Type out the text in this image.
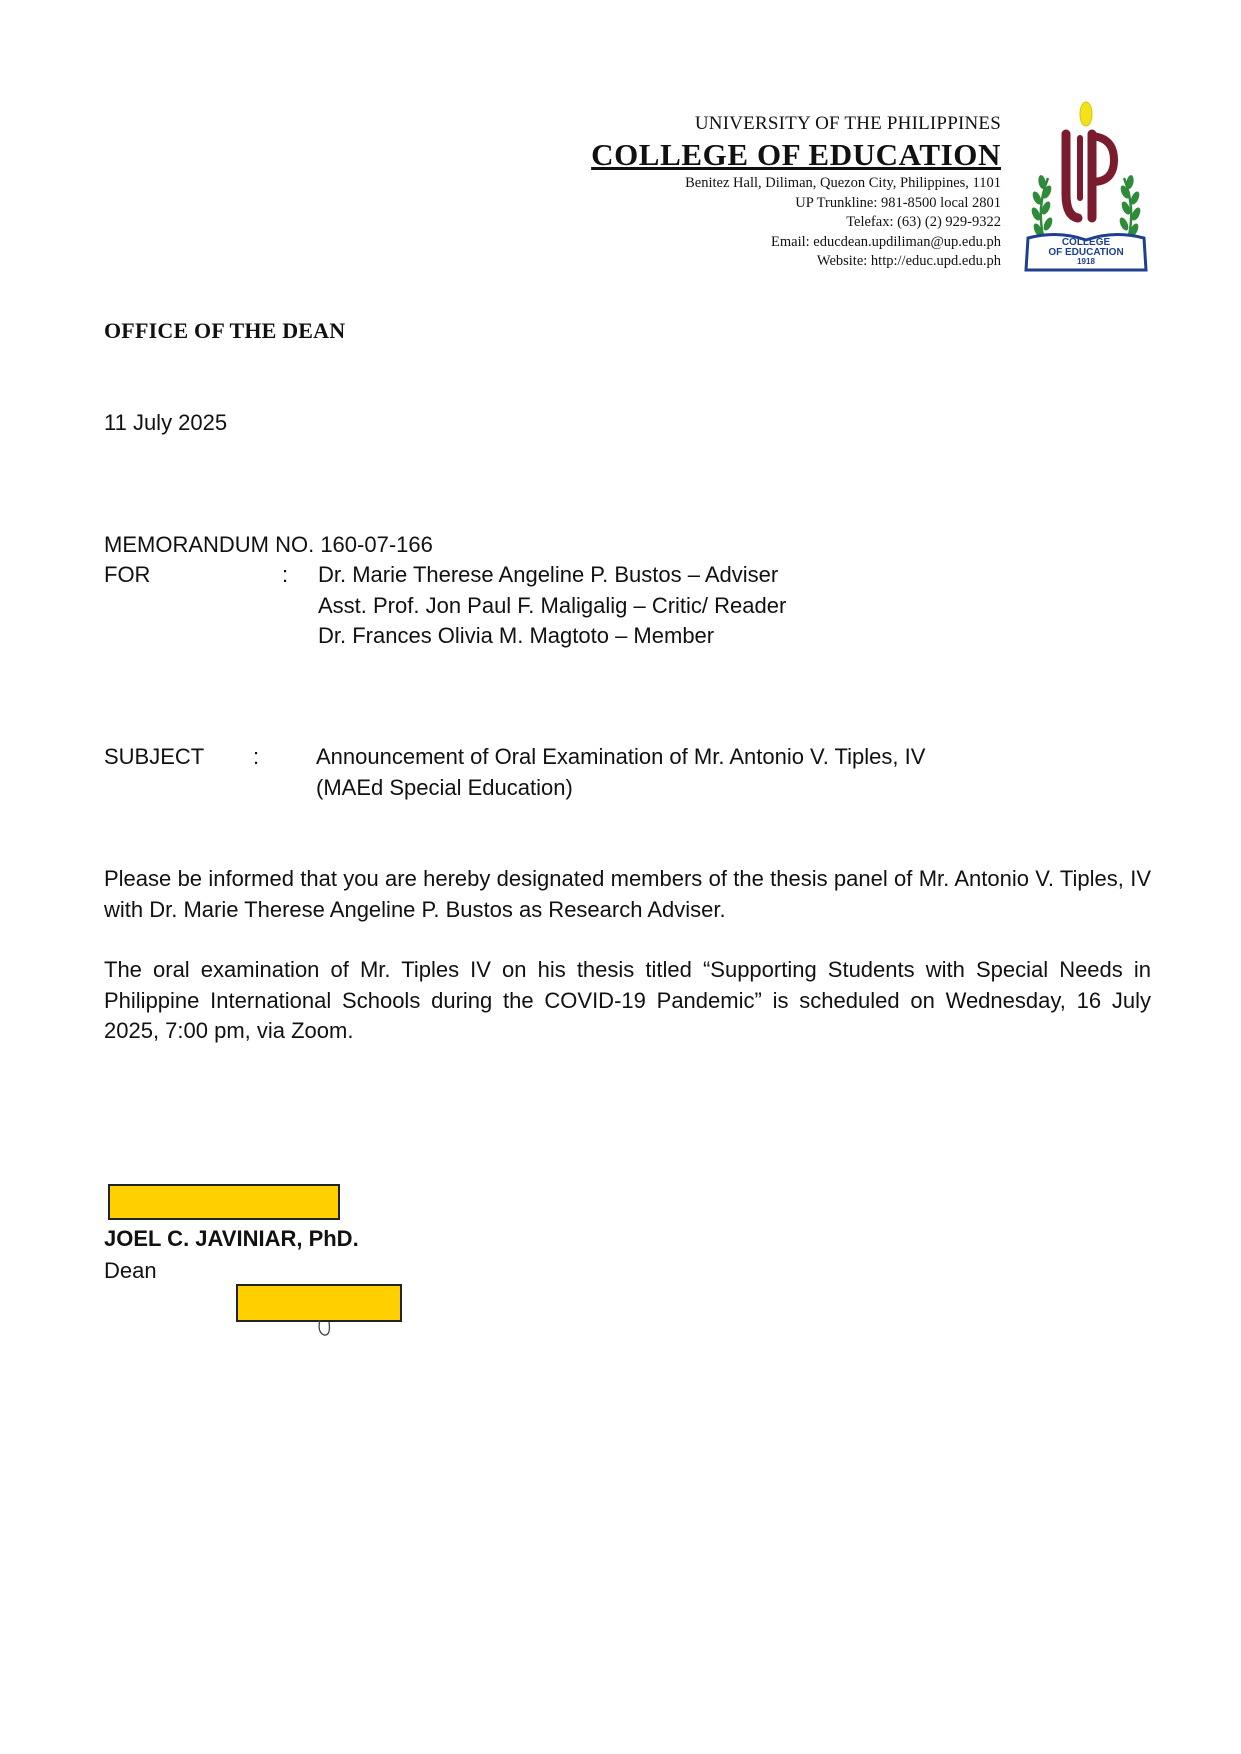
UNIVERSITY OF THE PHILIPPINES
COLLEGE OF EDUCATION
Benitez Hall, Diliman, Quezon City, Philippines, 1101
UP Trunkline: 981-8500 local 2801
Telefax: (63) (2) 929-9322
Email: educdean.updiliman@up.edu.ph
Website: http://educ.upd.edu.ph
COLLEGE
OF EDUCATION
1918
OFFICE OF THE DEAN
11 July 2025
MEMORANDUM NO. 160-07-166
FOR	: Dr. Marie Therese Angeline P. Bustos – Adviser
Asst. Prof. Jon Paul F. Maligalig – Critic/ Reader
Dr. Frances Olivia M. Magtoto – Member
SUBJECT :	Announcement of Oral Examination of Mr. Antonio V. Tiples, IV
(MAEd Special Education)
Please be informed that you are hereby designated members of the thesis panel of Mr. Antonio V. Tiples, IV with Dr. Marie Therese Angeline P. Bustos as Research Adviser.
The oral examination of Mr. Tiples IV on his thesis titled “Supporting Students with Special Needs in Philippine International Schools during the COVID-19 Pandemic” is scheduled on Wednesday, 16 July 2025, 7:00 pm, via Zoom.
JOEL C. JAVINIAR, PhD.
Dean
